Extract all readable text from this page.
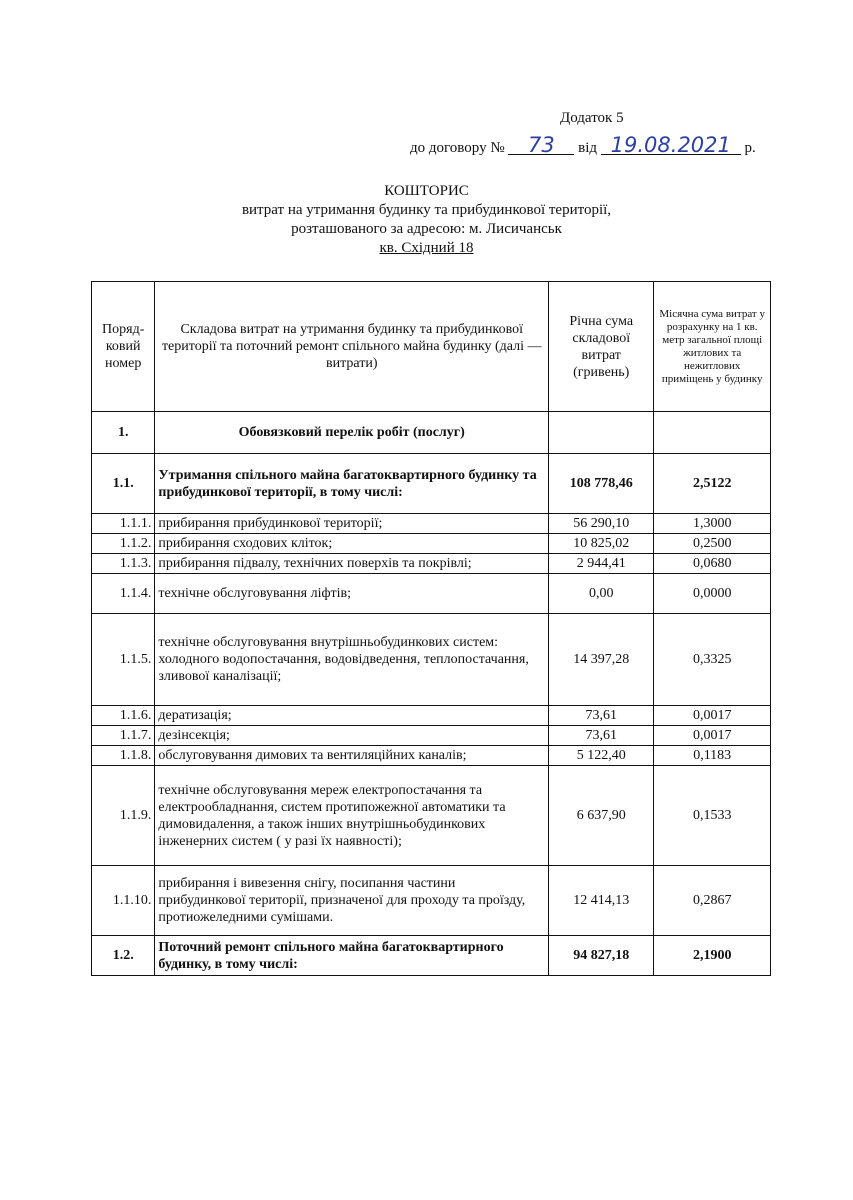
Додаток 5
до договору № 73 від 19.08.2021 р.
КОШТОРИС
витрат на утримання будинку та прибудинкової території,
розташованого за адресою: м. Лисичанськ
кв. Східний 18
Поряд-ковий номер	Складова витрат на утримання будинку та прибудинкової території та поточний ремонт спільного майна будинку (далі — витрати)	Річна сума складової витрат (гривень)	Місячна сума витрат у розрахунку на 1 кв. метр загальної площі житлових та нежитлових приміщень у будинку
1.	Обовязковий перелік робіт (послуг)		
1.1.	Утримання спільного майна багатоквартирного будинку та прибудинкової території, в тому числі:	108 778,46	2,5122
1.1.1.	прибирання прибудинкової території;	56 290,10	1,3000
1.1.2.	прибирання сходових кліток;	10 825,02	0,2500
1.1.3.	прибирання підвалу, технічних поверхів та покрівлі;	2 944,41	0,0680
1.1.4.	технічне обслуговування ліфтів;	0,00	0,0000
1.1.5.	технічне обслуговування внутрішньобудинкових систем: холодного водопостачання, водовідведення, теплопостачання, зливової каналізації;	14 397,28	0,3325
1.1.6.	дератизація;	73,61	0,0017
1.1.7.	дезінсекція;	73,61	0,0017
1.1.8.	обслуговування димових та вентиляційних каналів;	5 122,40	0,1183
1.1.9.	технічне обслуговування мереж електропостачання та електрообладнання, систем протипожежної автоматики та димовидалення, а також інших внутрішньобудинкових інженерних систем ( у разі їх наявності);	6 637,90	0,1533
1.1.10.	прибирання і вивезення снігу, посипання частини прибудинкової території, призначеної для проходу та проїзду, протиожеледними сумішами.	12 414,13	0,2867
1.2.	Поточний ремонт спільного майна багатоквартирного будинку, в тому числі:	94 827,18	2,1900
